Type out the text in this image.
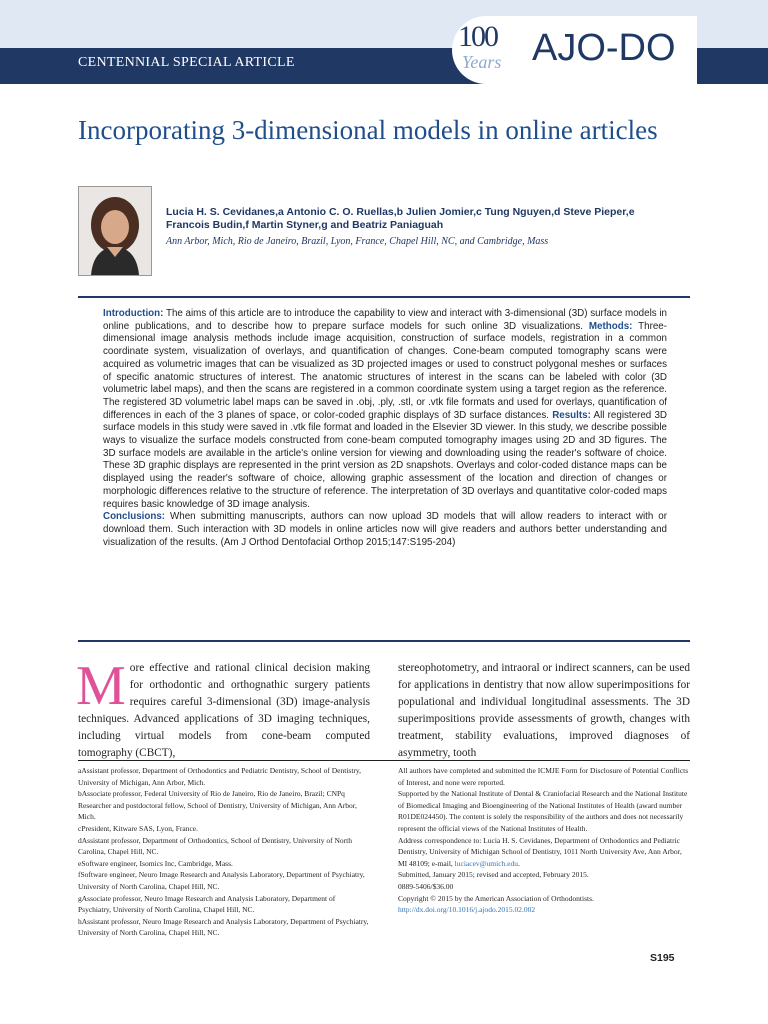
CENTENNIAL SPECIAL ARTICLE
100
Years AJO-DO
Incorporating 3-dimensional models in online articles
Lucia H. S. Cevidanes,a Antonio C. O. Ruellas,b Julien Jomier,c Tung Nguyen,d Steve Pieper,e
Francois Budin,f Martin Styner,g and Beatriz Paniaguah
Ann Arbor, Mich, Rio de Janeiro, Brazil, Lyon, France, Chapel Hill, NC, and Cambridge, Mass
Introduction: The aims of this article are to introduce the capability to view and interact with 3-dimensional (3D) surface models in online publications, and to describe how to prepare surface models for such online 3D visualizations. Methods: Three-dimensional image analysis methods include image acquisition, construction of surface models, registration in a common coordinate system, visualization of overlays, and quantification of changes. Cone-beam computed tomography scans were acquired as volumetric images that can be visualized as 3D projected images or used to construct polygonal meshes or surfaces of specific anatomic structures of interest. The anatomic structures of interest in the scans can be labeled with color (3D volumetric label maps), and then the scans are registered in a common coordinate system using a target region as the reference. The registered 3D volumetric label maps can be saved in .obj, .ply, .stl, or .vtk file formats and used for overlays, quantification of differences in each of the 3 planes of space, or color-coded graphic displays of 3D surface distances. Results: All registered 3D surface models in this study were saved in .vtk file format and loaded in the Elsevier 3D viewer. In this study, we describe possible ways to visualize the surface models constructed from cone-beam computed tomography images using 2D and 3D figures. The 3D surface models are available in the article's online version for viewing and downloading using the reader's software of choice. These 3D graphic displays are represented in the print version as 2D snapshots. Overlays and color-coded distance maps can be displayed using the reader's software of choice, allowing graphic assessment of the location and direction of changes or morphologic differences relative to the structure of reference. The interpretation of 3D overlays and quantitative color-coded maps requires basic knowledge of 3D image analysis.
Conclusions: When submitting manuscripts, authors can now upload 3D models that will allow readers to interact with or download them. Such interaction with 3D models in online articles now will give readers and authors better understanding and visualization of the results. (Am J Orthod Dentofacial Orthop 2015;147:S195-204)
More effective and rational clinical decision making for orthodontic and orthognathic surgery patients requires careful 3-dimensional (3D) image-analysis techniques. Advanced applications of 3D imaging techniques, including virtual models from cone-beam computed tomography (CBCT),
stereophotometry, and intraoral or indirect scanners, can be used for applications in dentistry that now allow superimpositions for populational and individual longitudinal assessments. The 3D superimpositions provide assessments of growth, changes with treatment, stability evaluations, improved diagnoses of asymmetry, tooth

aAssistant professor, Department of Orthodontics and Pediatric Dentistry, School of Dentistry, University of Michigan, Ann Arbor, Mich.

bAssociate professor, Federal University of Rio de Janeiro, Rio de Janeiro, Brazil; CNPq Researcher and postdoctoral fellow, School of Dentistry, University of Michigan, Ann Arbor, Mich.

cPresident, Kitware SAS, Lyon, France.

dAssistant professor, Department of Orthodontics, School of Dentistry, University of North Carolina, Chapel Hill, NC.

eSoftware engineer, Isomics Inc, Cambridge, Mass.

fSoftware engineer, Neuro Image Research and Analysis Laboratory, Department of Psychiatry, University of North Carolina, Chapel Hill, NC.

gAssociate professor, Neuro Image Research and Analysis Laboratory, Department of Psychiatry, University of North Carolina, Chapel Hill, NC.

hAssistant professor, Neuro Image Research and Analysis Laboratory, Department of Psychiatry, University of North Carolina, Chapel Hill, NC.

All authors have completed and submitted the ICMJE Form for Disclosure of Potential Conflicts of Interest, and none were reported.

Supported by the National Institute of Dental & Craniofacial Research and the National Institute of Biomedical Imaging and Bioengineering of the National Institutes of Health (award number R01DE024450). The content is solely the responsibility of the authors and does not necessarily represent the official views of the National Institutes of Health.

Address correspondence to: Lucia H. S. Cevidanes, Department of Orthodontics and Pediatric Dentistry, University of Michigan School of Dentistry, 1011 North University Ave, Ann Arbor, MI 48109; e-mail, luciacev@umich.edu.

Submitted, January 2015; revised and accepted, February 2015.

0889-5406/$36.00

Copyright © 2015 by the American Association of Orthodontists.

http://dx.doi.org/10.1016/j.ajodo.2015.02.002

S195
